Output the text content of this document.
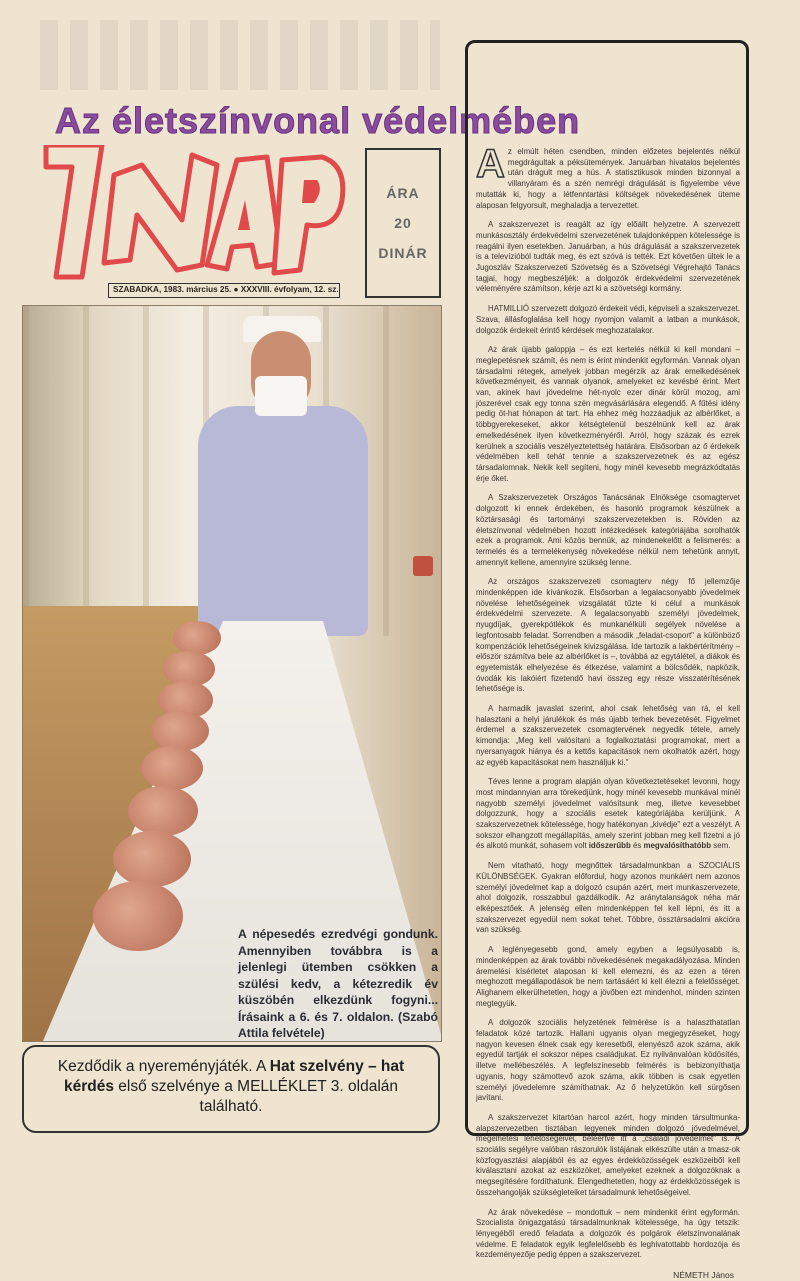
Az életszínvonal védelmében
ÁRA
20
DINÁR
SZABADKA, 1983. március 25. ● XXXVIII. évfolyam, 12. sz.
A népesedés ezredvégi gondunk. Amennyiben továbbra is a jelenlegi ütemben csökken a szülési kedv, a kétezredik év küszöbén elkezdünk fogyni... Írásaink a 6. és 7. oldalon. (Szabó Attila felvétele)
Kezdődik a nyereményjáték. A Hat szelvény – hat kérdés első szelvénye a MELLÉKLET 3. oldalán található.

Az elmúlt héten csendben, minden előzetes bejelentés nélkül megdrágultak a péksütemények. Januárban hivatalos bejelentés után drágult meg a hús. A statisztikusok minden bizonnyal a villanyáram és a szén nemrégi drágulását is figyelembe véve mutatták ki, hogy a létfenntartási költségek növekedésének üteme alaposan felgyorsult, meghaladja a tervezettet.

A szakszervezet is reagált az így előállt helyzetre. A szervezett munkásosztály érdekvédelmi szervezetének tulajdonképpen kötelessége is reagálni ilyen esetekben. Januárban, a hús drágulását a szakszervezetek is a televízióból tudták meg, és ezt szóvá is tették. Ezt követően ültek le a Jugoszláv Szakszervezeti Szövetség és a Szövetségi Végrehajtó Tanács tagjai, hogy megbeszéljék: a dolgozók érdekvédelmi szervezetének véleményére számítson, kérje azt ki a szövetségi kormány.

HATMILLIÓ szervezett dolgozó érdekeit védi, képviseli a szakszervezet. Szava, állásfoglalása kell hogy nyomjon valamit a latban a munkások, dolgozók érdekeit érintő kérdések meghozatalakor.

Az árak újabb galoppja – és ezt kertelés nélkül ki kell mondani – meglepetésnek számít, és nem is érint mindenkit egyformán. Vannak olyan társadalmi rétegek, amelyek jobban megérzik az árak emelkedésének következményeit, és vannak olyanok, amelyeket ez kevésbé érint. Mert van, akinek havi jövedelme hét-nyolc ezer dinár körül mozog, ami jószerével csak egy tonna szén megvásárlására elegendő. A fűtési idény pedig öt-hat hónapon át tart. Ha ehhez még hozzáadjuk az albérlőket, a többgyerekeseket, akkor kétségtelenül beszélnünk kell az árak emelkedésének ilyen következményéről. Arról, hogy százak és ezrek kerülnek a szociális veszélyeztetettség határára. Elsősorban az ő érdekeik védelmében kell tehát tennie a szakszervezetnek és az egész társadalomnak. Nekik kell segíteni, hogy minél kevesebb megrázkódtatás érje őket.

A Szakszervezetek Országos Tanácsának Elnöksége csomagtervet dolgozott ki ennek érdekében, és hasonló programok készülnek a köztársasági és tartományi szakszervezetekben is. Röviden az életszínvonal védelmében hozott intézkedések kategóriájába sorolhatók ezek a programok. Ami közös bennük, az mindenekelőtt a felismerés: a termelés és a termelékenység növekedése nélkül nem tehetünk annyit, amennyit kellene, amennyire szükség lenne.

Az országos szakszervezeti csomagterv négy fő jellemzője mindenképpen ide kívánkozik. Elsősorban a legalacsonyabb jövedelmek növelése lehetőségeinek vizsgálatát tűzte ki célul a munkások érdekvédelmi szervezete. A legalacsonyabb személyi jövedelmek, nyugdíjak, gyerekpótlékok és munkanélküli segélyek növelése a legfontosabb feladat. Sorrendben a második „feladat-csoport" a különböző kompenzációk lehetőségeinek kivizsgálása. Ide tartozik a lakbértérítmény – először számítva bele az albérlőket is –, továbbá az egytálétel, a diákok és egyetemisták elhelyezése és étkezése, valamint a bölcsődék, napközik, óvodák kis lakóiért fizetendő havi összeg egy része visszatérítésének lehetősége is.

A harmadik javaslat szerint, ahol csak lehetőség van rá, el kell halasztani a helyi járulékok és más újabb terhek bevezetését. Figyelmet érdemel a szakszervezetek csomagtervének negyedik tétele, amely kimondja: „Meg kell valósítani a foglalkoztatási programokat, mert a nyersanyagok hiánya és a kettős kapacitások nem okolhatók azért, hogy az egyéb kapacitásokat nem használjuk ki."

Téves lenne a program alapján olyan következtetéseket levonni, hogy most mindannyian arra törekedjünk, hogy minél kevesebb munkával minél nagyobb személyi jövedelmet valósítsunk meg, illetve kevesebbet dolgozzunk, hogy a szociális esetek kategóriájába kerüljünk. A szakszervezetnek kötelessége, hogy hatékonyan „kivédje" ezt a veszélyt. A sokszor elhangzott megállapítás, amely szerint jobban meg kell fizetni a jó és alkotó munkát, sohasem volt időszerűbb és megvalósíthatóbb sem.

Nem vitatható, hogy megnőttek társadalmunkban a SZOCIÁLIS KÜLÖNBSÉGEK. Gyakran előfordul, hogy azonos munkáért nem azonos személyi jövedelmet kap a dolgozó csupán azért, mert munkaszervezete, ahol dolgozik, rosszabbul gazdálkodik. Az aránytalanságok néha már elképesztőek. A jelenség ellen mindenképpen fel kell lépni, és itt a szakszervezet egyedül nem sokat tehet. Többre, össztársadalmi akcióra van szükség.

A leglényegesebb gond, amely egyben a legsúlyosabb is, mindenképpen az árak további növekedésének megakadályozása. Minden áremelési kísérletet alaposan ki kell elemezni, és az ezen a téren meghozott megállapodások be nem tartásáért ki kell élezni a felelősséget. Alighanem elkerülhetetlen, hogy a jövőben ezt mindenhol, minden szinten megtegyük.

A dolgozók szociális helyzetének felmérése is a halaszthatatlan feladatok közé tartozik. Hallani ugyanis olyan megjegyzéseket, hogy nagyon kevesen élnek csak egy keresetből, elenyésző azok száma, akik egyedül tartják el sokszor népes családjukat. Ez nyilvánvalóan ködösítés, illetve mellébeszélés. A legfelszínesebb felmérés is bebizonyíthatja ugyanis, hogy számottevő azok száma, akik többen is csak egyetlen személyi jövedelemre számíthatnak. Az ő helyzetükön kell sürgősen javítani.

A szakszervezet kitartóan harcol azért, hogy minden társultmunka-alapszervezetben tisztában legyenek minden dolgozó jövedelmével, megélhetési lehetőségeivel, beleértve itt a „családi jövedelmet" is. A szociális segélyre valóban rászorulók listájának elkészülte után a tmasz-ok közfogyasztási alapjából és az egyes érdekközösségek eszközeiből kell kiválasztani azokat az eszközöket, amelyeket ezeknek a dolgozóknak a megsegítésére fordíthatunk. Elengedhetetlen, hogy az érdekközösségek is összehangolják szükségleteiket társadalmunk lehetőségeivel.

Az árak növekedése – mondottuk – nem mindenkit érint egyformán. Szocialista önigazgatású társadalmunknak kötelessége, ha úgy tetszik: lényegéből eredő feladata a dolgozók és polgárok életszínvonalának védelme. E feladatok egyik legfelelősebb és leghivatottabb hordozója és kezdeményezője pedig éppen a szakszervezet.

NÉMETH János
